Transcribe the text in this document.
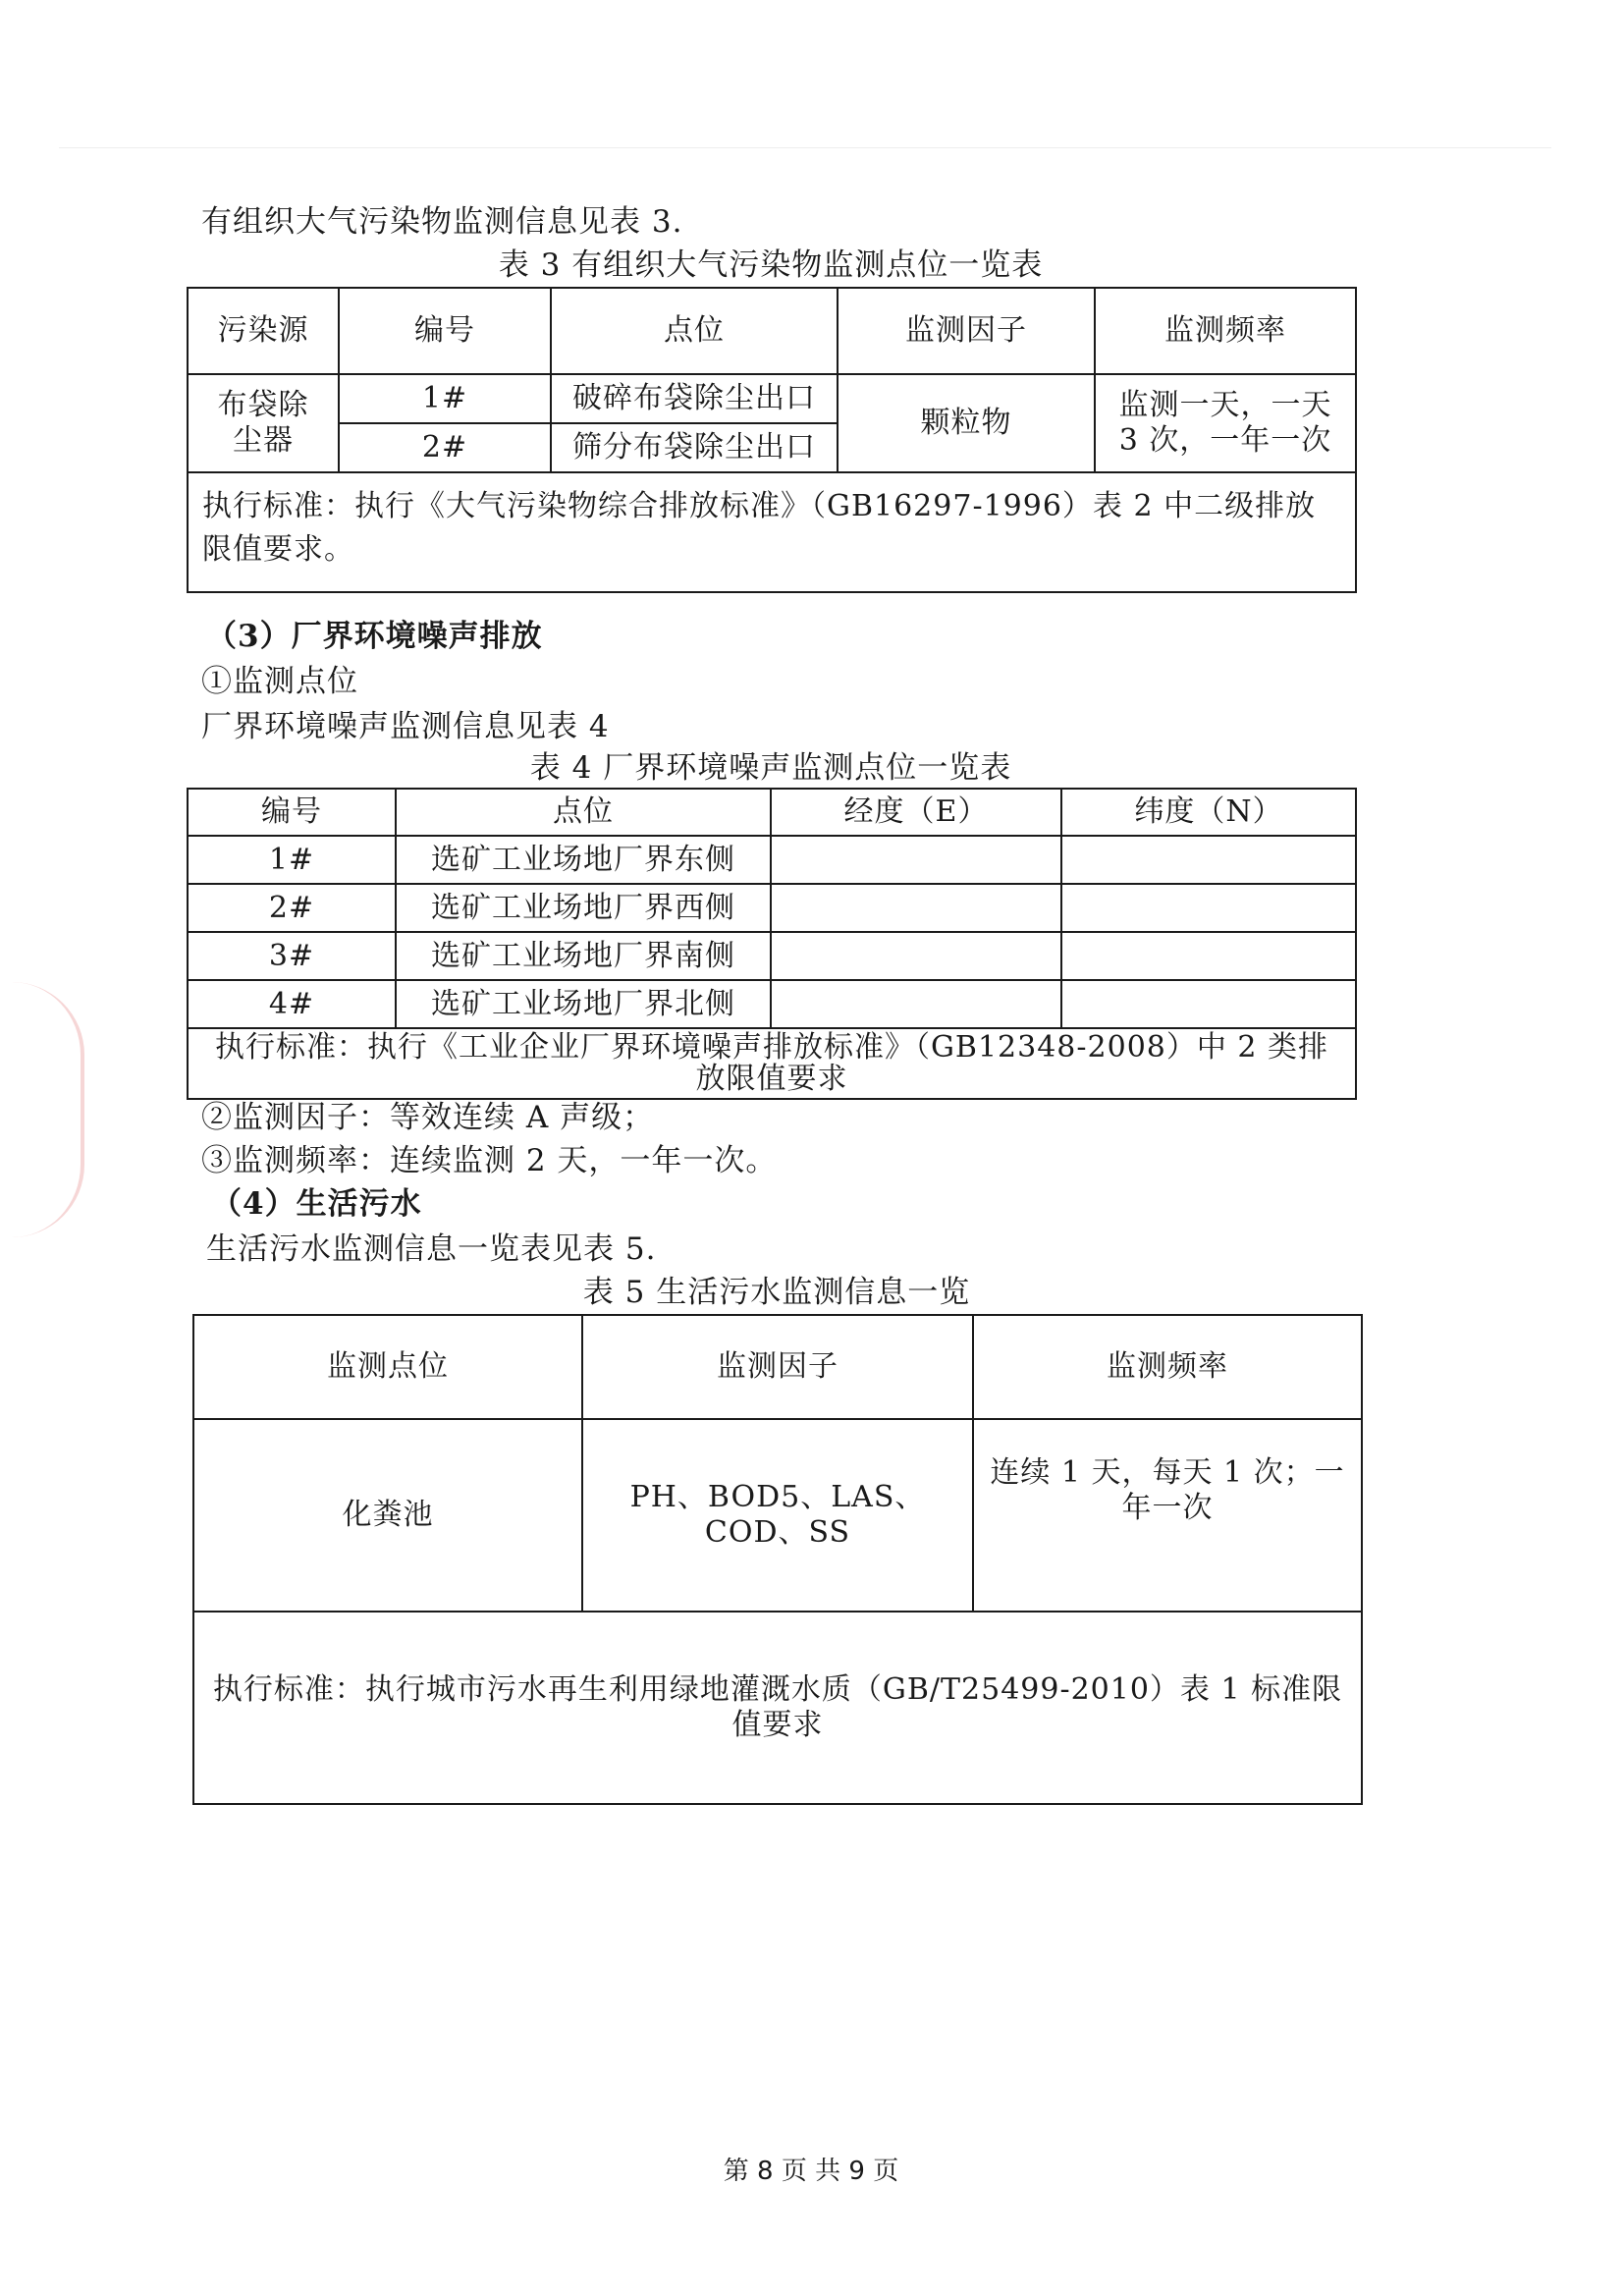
有组织大气污染物监测信息见表 3.
表 3 有组织大气污染物监测点位一览表
污染源	编号	点位	监测因子	监测频率
布袋除尘器	1#	破碎布袋除尘出口	颗粒物	监测一天，一天 3 次，一年一次
	2#	筛分布袋除尘出口		
执行标准：执行《大气污染物综合排放标准》（GB16297-1996）表 2 中二级排放限值要求。				
（3）厂界环境噪声排放
①监测点位
厂界环境噪声监测信息见表 4
表 4 厂界环境噪声监测点位一览表
编号	点位	经度（E）	纬度（N）
1#	选矿工业场地厂界东侧		
2#	选矿工业场地厂界西侧		
3#	选矿工业场地厂界南侧		
4#	选矿工业场地厂界北侧		
执行标准：执行《工业企业厂界环境噪声排放标准》（GB12348-2008）中 2 类排放限值要求			
②监测因子：等效连续 A 声级；
③监测频率：连续监测 2 天，一年一次。
（4）生活污水
生活污水监测信息一览表见表 5.
表 5 生活污水监测信息一览
监测点位	监测因子	监测频率
化粪池	PH、BOD5、LAS、COD、SS	连续 1 天，每天 1 次；一年一次
执行标准：执行城市污水再生利用绿地灌溉水质（GB/T25499-2010）表 1 标准限值要求		
第 8 页 共 9 页
